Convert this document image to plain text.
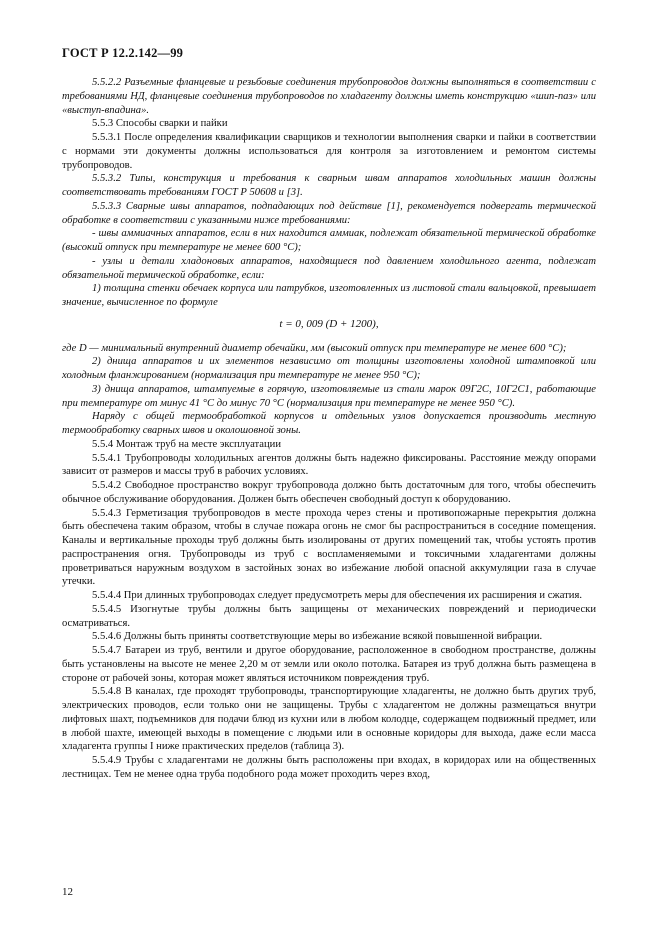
ГОСТ Р 12.2.142—99

5.5.2.2 Разъемные фланцевые и резьбовые соединения трубопроводов должны выполняться в соответствии с требованиями НД, фланцевые соединения трубопроводов по хладагенту должны иметь конструкцию «шип-паз» или «выступ-впадина».

5.5.3 Способы сварки и пайки

5.5.3.1 После определения квалификации сварщиков и технологии выполнения сварки и пайки в соответствии с нормами эти документы должны использоваться для контроля за изготовлением и ремонтом системы трубопроводов.

5.5.3.2 Типы, конструкция и требования к сварным швам аппаратов холодильных машин должны соответствовать требованиям ГОСТ Р 50608 и [3].

5.5.3.3 Сварные швы аппаратов, подпадающих под действие [1], рекомендуется подвергать термической обработке в соответствии с указанными ниже требованиями:

- швы аммиачных аппаратов, если в них находится аммиак, подлежат обязательной термической обработке (высокий отпуск при температуре не менее 600 °С);

- узлы и детали хладоновых аппаратов, находящиеся под давлением холодильного агента, подлежат обязательной термической обработке, если:

1) толщина стенки обечаек корпуса или патрубков, изготовленных из листовой стали вальцовкой, превышает значение, вычисленное по формуле

t = 0, 009 (D + 1200),

где D — минимальный внутренний диаметр обечайки, мм (высокий отпуск при температуре не менее 600 °С);

2) днища аппаратов и их элементов независимо от толщины изготовлены холодной штамповкой или холодным фланжированием (нормализация при температуре не менее 950 °С);

3) днища аппаратов, штампуемые в горячую, изготовляемые из стали марок 09Г2С, 10Г2С1, работающие при температуре от минус 41 °С до минус 70 °С (нормализация при температуре не менее 950 °С).

Наряду с общей термообработкой корпусов и отдельных узлов допускается производить местную термообработку сварных швов и околошовной зоны.

5.5.4 Монтаж труб на месте эксплуатации

5.5.4.1 Трубопроводы холодильных агентов должны быть надежно фиксированы. Расстояние между опорами зависит от размеров и массы труб в рабочих условиях.

5.5.4.2 Свободное пространство вокруг трубопровода должно быть достаточным для того, чтобы обеспечить обычное обслуживание оборудования. Должен быть обеспечен свободный доступ к оборудованию.

5.5.4.3 Герметизация трубопроводов в месте прохода через стены и противопожарные перекрытия должна быть обеспечена таким образом, чтобы в случае пожара огонь не смог бы распространиться в соседние помещения. Каналы и вертикальные проходы труб должны быть изолированы от других помещений так, чтобы устоять против распространения огня. Трубопроводы из труб с воспламеняемыми и токсичными хладагентами должны проветриваться наружным воздухом в застойных зонах во избежание любой опасной аккумуляции газа в случае утечки.

5.5.4.4 При длинных трубопроводах следует предусмотреть меры для обеспечения их расширения и сжатия.

5.5.4.5 Изогнутые трубы должны быть защищены от механических повреждений и периодически осматриваться.

5.5.4.6 Должны быть приняты соответствующие меры во избежание всякой повышенной вибрации.

5.5.4.7 Батареи из труб, вентили и другое оборудование, расположенное в свободном пространстве, должны быть установлены на высоте не менее 2,20 м от земли или около потолка. Батарея из труб должна быть размещена в стороне от рабочей зоны, которая может являться источником повреждения труб.

5.5.4.8 В каналах, где проходят трубопроводы, транспортирующие хладагенты, не должно быть других труб, электрических проводов, если только они не защищены. Трубы с хладагентом не должны размещаться внутри лифтовых шахт, подъемников для подачи блюд из кухни или в любом колодце, содержащем подвижный предмет, или в любой шахте, имеющей выходы в помещение с людьми или в основные коридоры для выхода, даже если масса хладагента группы I ниже практических пределов (таблица 3).

5.5.4.9 Трубы с хладагентами не должны быть расположены при входах, в коридорах или на общественных лестницах. Тем не менее одна труба подобного рода может проходить через вход,

12
